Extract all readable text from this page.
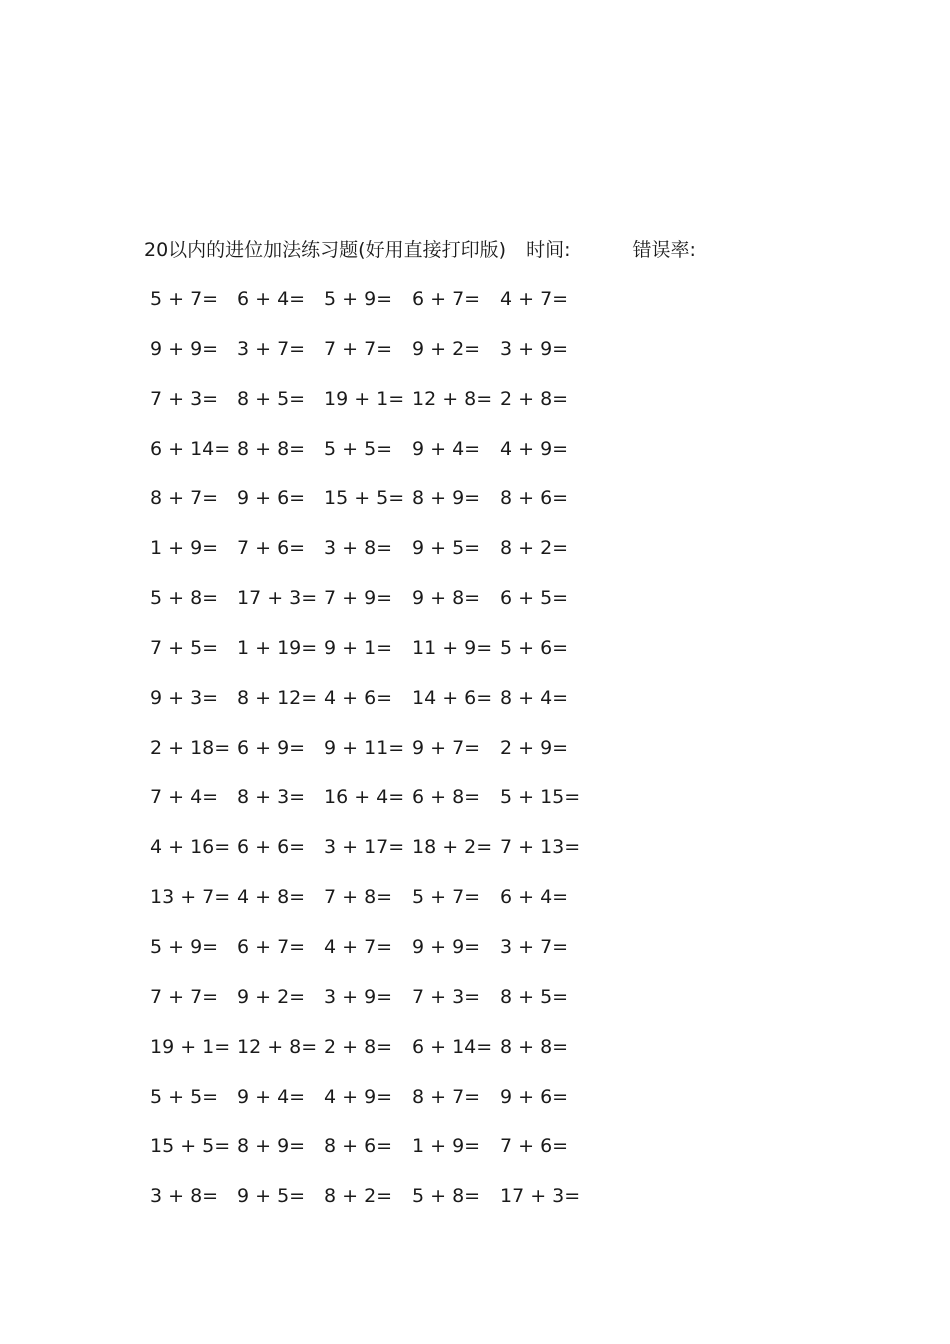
20以内的进位加法练习题(好用直接打印版) 时间:	错误率:
5 + 7= 6 + 4= 5 + 9= 6 + 7= 4 + 7=
9 + 9= 3 + 7= 7 + 7= 9 + 2= 3 + 9=
7 + 3= 8 + 5= 19 + 1= 12 + 8= 2 + 8=
6 + 14= 8 + 8= 5 + 5= 9 + 4= 4 + 9=
8 + 7= 9 + 6= 15 + 5= 8 + 9= 8 + 6=
1 + 9= 7 + 6= 3 + 8= 9 + 5= 8 + 2=
5 + 8= 17 + 3= 7 + 9= 9 + 8= 6 + 5=
7 + 5= 1 + 19= 9 + 1= 11 + 9= 5 + 6=
9 + 3= 8 + 12= 4 + 6= 14 + 6= 8 + 4=
2 + 18= 6 + 9= 9 + 11= 9 + 7= 2 + 9=
7 + 4= 8 + 3= 16 + 4= 6 + 8= 5 + 15=
4 + 16= 6 + 6= 3 + 17= 18 + 2= 7 + 13=
13 + 7= 4 + 8= 7 + 8= 5 + 7= 6 + 4=
5 + 9= 6 + 7= 4 + 7= 9 + 9= 3 + 7=
7 + 7= 9 + 2= 3 + 9= 7 + 3= 8 + 5=
19 + 1= 12 + 8= 2 + 8= 6 + 14= 8 + 8=
5 + 5= 9 + 4= 4 + 9= 8 + 7= 9 + 6=
15 + 5= 8 + 9= 8 + 6= 1 + 9= 7 + 6=
3 + 8= 9 + 5= 8 + 2= 5 + 8= 17 + 3=
